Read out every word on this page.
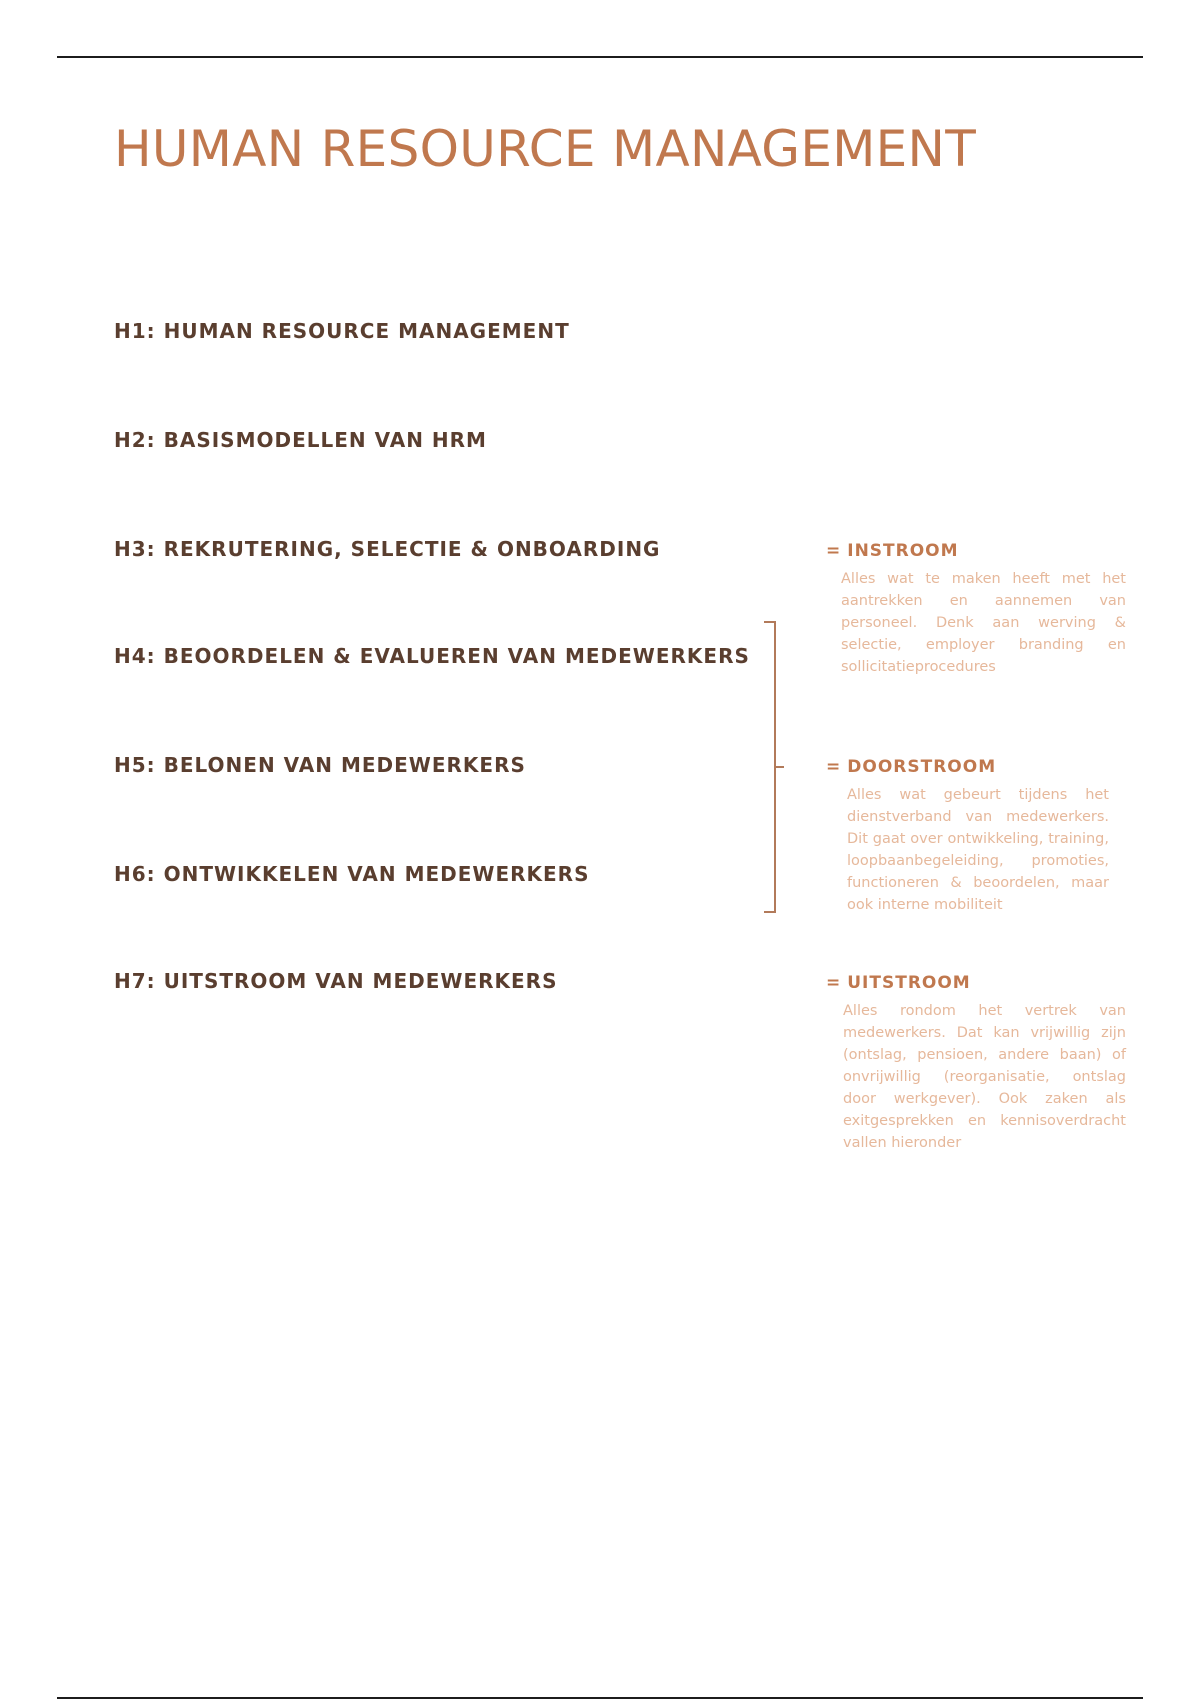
HUMAN RESOURCE MANAGEMENT
H1: HUMAN RESOURCE MANAGEMENT
H2: BASISMODELLEN VAN HRM
H3: REKRUTERING, SELECTIE & ONBOARDING
H4: BEOORDELEN & EVALUEREN VAN MEDEWERKERS
H5: BELONEN VAN MEDEWERKERS
H6: ONTWIKKELEN VAN MEDEWERKERS
H7: UITSTROOM VAN MEDEWERKERS
= INSTROOM

Alles wat te maken heeft met het aantrekken en aannemen van personeel. Denk aan werving & selectie, employer branding en sollicitatieprocedures

= DOORSTROOM

Alles wat gebeurt tijdens het dienstverband van medewerkers. Dit gaat over ontwikkeling, training, loopbaanbegeleiding, promoties, functioneren & beoordelen, maar ook interne mobiliteit

= UITSTROOM

Alles rondom het vertrek van medewerkers. Dat kan vrijwillig zijn (ontslag, pensioen, andere baan) of onvrijwillig (reorganisatie, ontslag door werkgever). Ook zaken als exitgesprekken en kennisoverdracht vallen hieronder
